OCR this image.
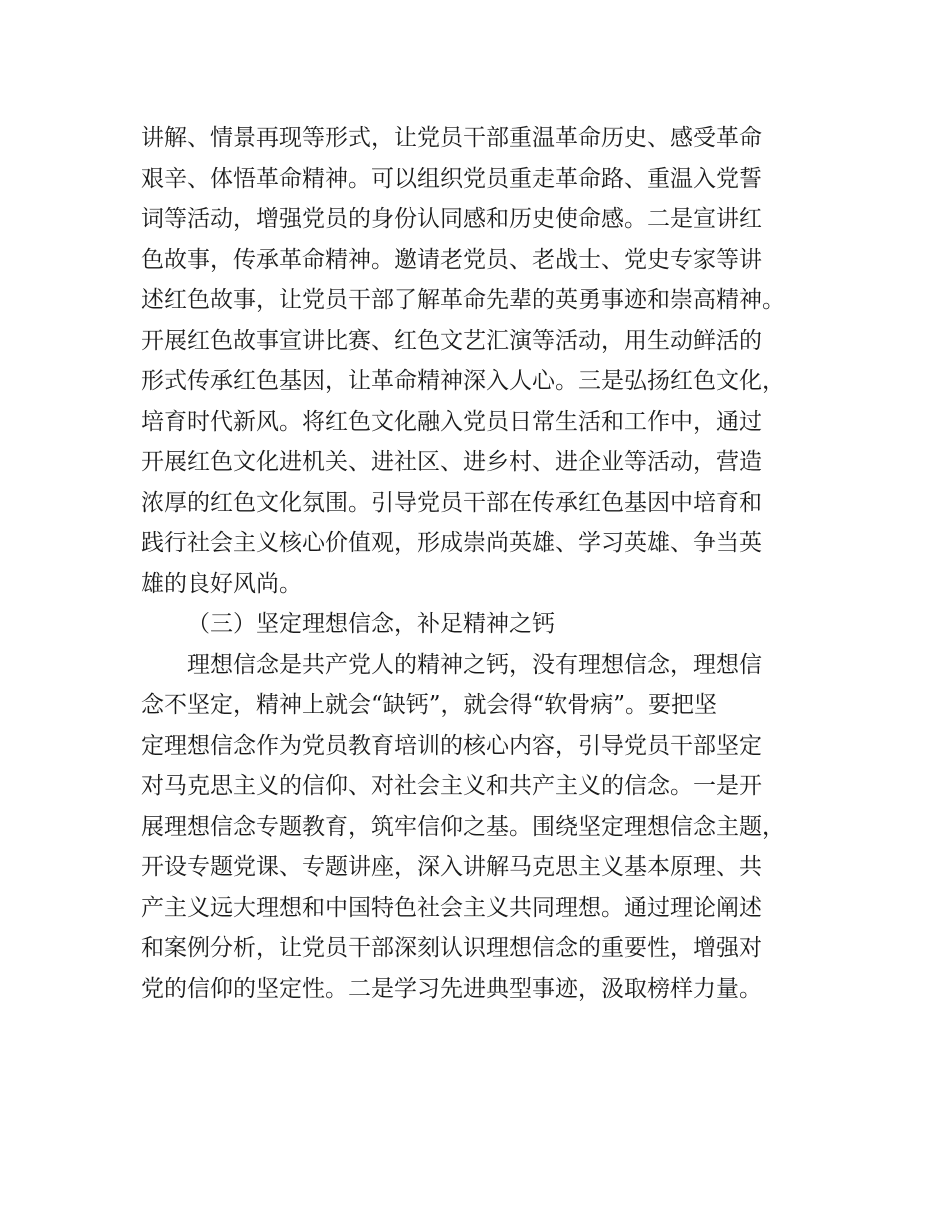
讲解、情景再现等形式，让党员干部重温革命历史、感受革命
艰辛、体悟革命精神。可以组织党员重走革命路、重温入党誓
词等活动，增强党员的身份认同感和历史使命感。二是宣讲红
色故事，传承革命精神。邀请老党员、老战士、党史专家等讲
述红色故事，让党员干部了解革命先辈的英勇事迹和崇高精神。
开展红色故事宣讲比赛、红色文艺汇演等活动，用生动鲜活的
形式传承红色基因，让革命精神深入人心。三是弘扬红色文化，
培育时代新风。将红色文化融入党员日常生活和工作中，通过
开展红色文化进机关、进社区、进乡村、进企业等活动，营造
浓厚的红色文化氛围。引导党员干部在传承红色基因中培育和
践行社会主义核心价值观，形成崇尚英雄、学习英雄、争当英
雄的良好风尚。
（三）坚定理想信念，补足精神之钙
理想信念是共产党人的精神之钙，没有理想信念，理想信
念不坚定，精神上就会“缺钙”，就会得“软骨病”。要把坚
定理想信念作为党员教育培训的核心内容，引导党员干部坚定
对马克思主义的信仰、对社会主义和共产主义的信念。一是开
展理想信念专题教育，筑牢信仰之基。围绕坚定理想信念主题，
开设专题党课、专题讲座，深入讲解马克思主义基本原理、共
产主义远大理想和中国特色社会主义共同理想。通过理论阐述
和案例分析，让党员干部深刻认识理想信念的重要性，增强对
党的信仰的坚定性。二是学习先进典型事迹，汲取榜样力量。
